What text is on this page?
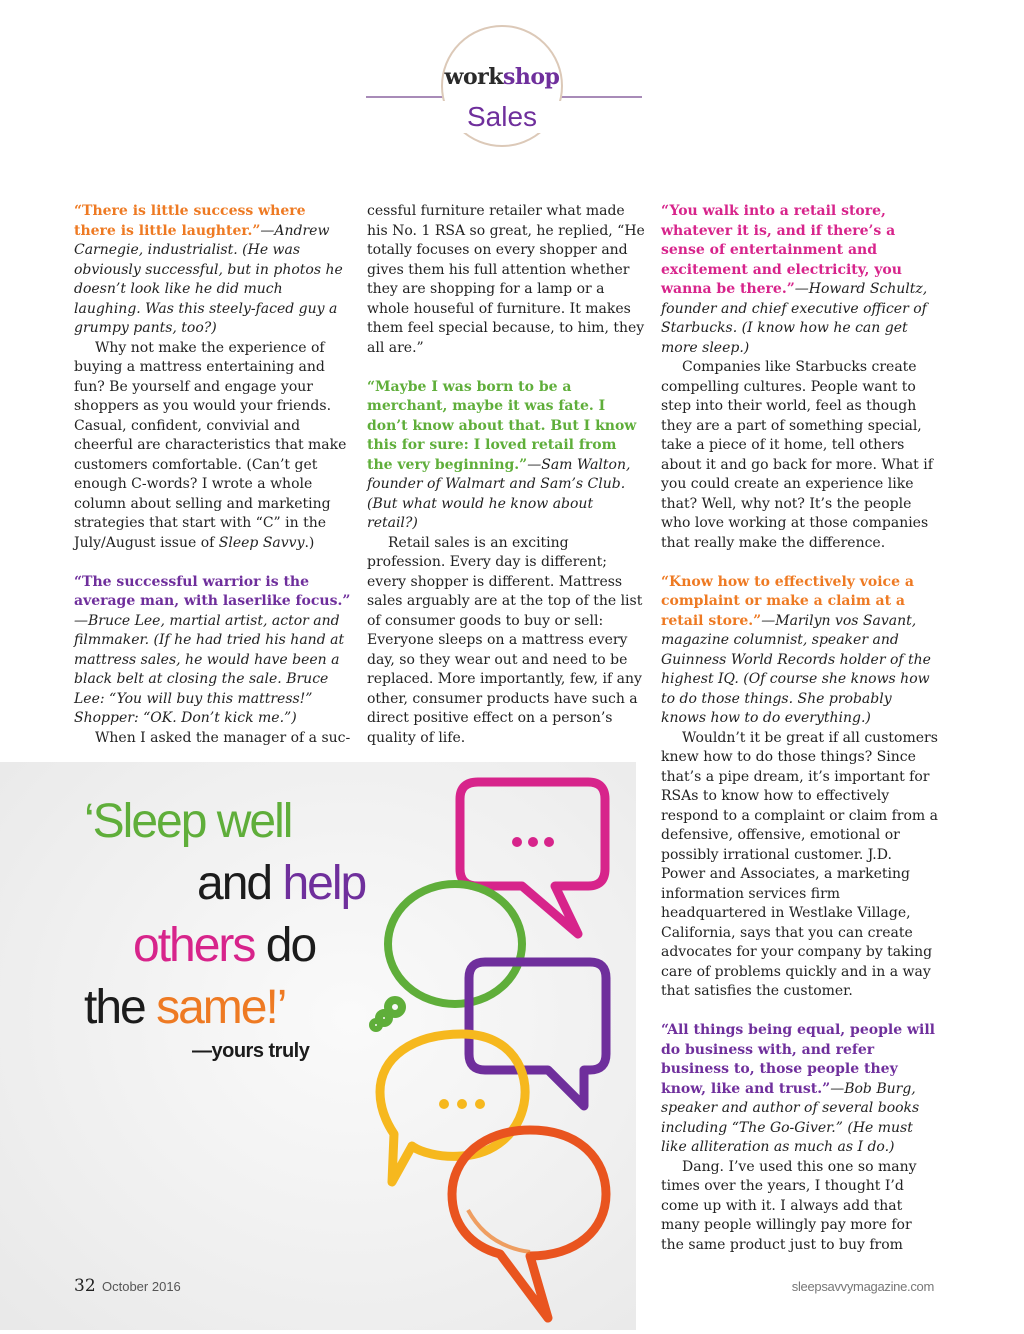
workshop
Sales

“There is little success where there is little laughter.”—Andrew Carnegie, industrialist. (He was obviously successful, but in photos he doesn’t look like he did much laughing. Was this steely-faced guy a grumpy pants, too?)

Why not make the experience of buying a mattress entertaining and fun? Be yourself and engage your shoppers as you would your friends. Casual, confident, convivial and cheerful are characteristics that make customers comfortable. (Can’t get enough C-words? I wrote a whole column about selling and marketing strategies that start with “C” in the July/August issue of Sleep Savvy.)

“The successful warrior is the average man, with laserlike focus.”

—Bruce Lee, martial artist, actor and filmmaker. (If he had tried his hand at mattress sales, he would have been a black belt at closing the sale. Bruce Lee: “You will buy this mattress!” Shopper: “OK. Don’t kick me.”)

When I asked the manager of a suc-

cessful furniture retailer what made his No. 1 RSA so great, he replied, “He totally focuses on every shopper and gives them his full attention whether they are shopping for a lamp or a whole houseful of furniture. It makes them feel special because, to him, they all are.”

“Maybe I was born to be a merchant, maybe it was fate. I don’t know about that. But I know this for sure: I loved retail from the very beginning.”—Sam Walton, founder of Walmart and Sam’s Club. (But what would he know about retail?)

Retail sales is an exciting profession. Every day is different; every shopper is different. Mattress sales arguably are at the top of the list of consumer goods to buy or sell: Everyone sleeps on a mattress every day, so they wear out and need to be replaced. More importantly, few, if any other, consumer products have such a direct positive effect on a person’s quality of life.

“You walk into a retail store, whatever it is, and if there’s a sense of entertainment and excitement and electricity, you wanna be there.”—Howard Schultz, founder and chief executive officer of Starbucks. (I know how he can get more sleep.)

Companies like Starbucks create compelling cultures. People want to step into their world, feel as though they are a part of something special, take a piece of it home, tell others about it and go back for more. What if you could create an experience like that? Well, why not? It’s the people who love working at those companies that really make the difference.

“Know how to effectively voice a complaint or make a claim at a retail store.”—Marilyn vos Savant, magazine columnist, speaker and Guinness World Records holder of the highest IQ. (Of course she knows how to do those things. She probably knows how to do everything.)

Wouldn’t it be great if all customers knew how to do those things? Since that’s a pipe dream, it’s important for RSAs to know how to effectively respond to a complaint or claim from a defensive, offensive, emotional or possibly irrational customer. J.D. Power and Associates, a marketing information services firm headquartered in Westlake Village, California, says that you can create advocates for your company by taking care of problems quickly and in a way that satisfies the customer.

“All things being equal, people will do business with, and refer business to, those people they know, like and trust.”—Bob Burg, speaker and author of several books including “The Go-Giver.” (He must like alliteration as much as I do.)

Dang. I’ve used this one so many times over the years, I thought I’d come up with it. I always add that many people willingly pay more for the same product just to buy from

‘Sleep well
and help
others do
the same!’
—yours truly
32 October 2016	sleepsavvymagazine.com
